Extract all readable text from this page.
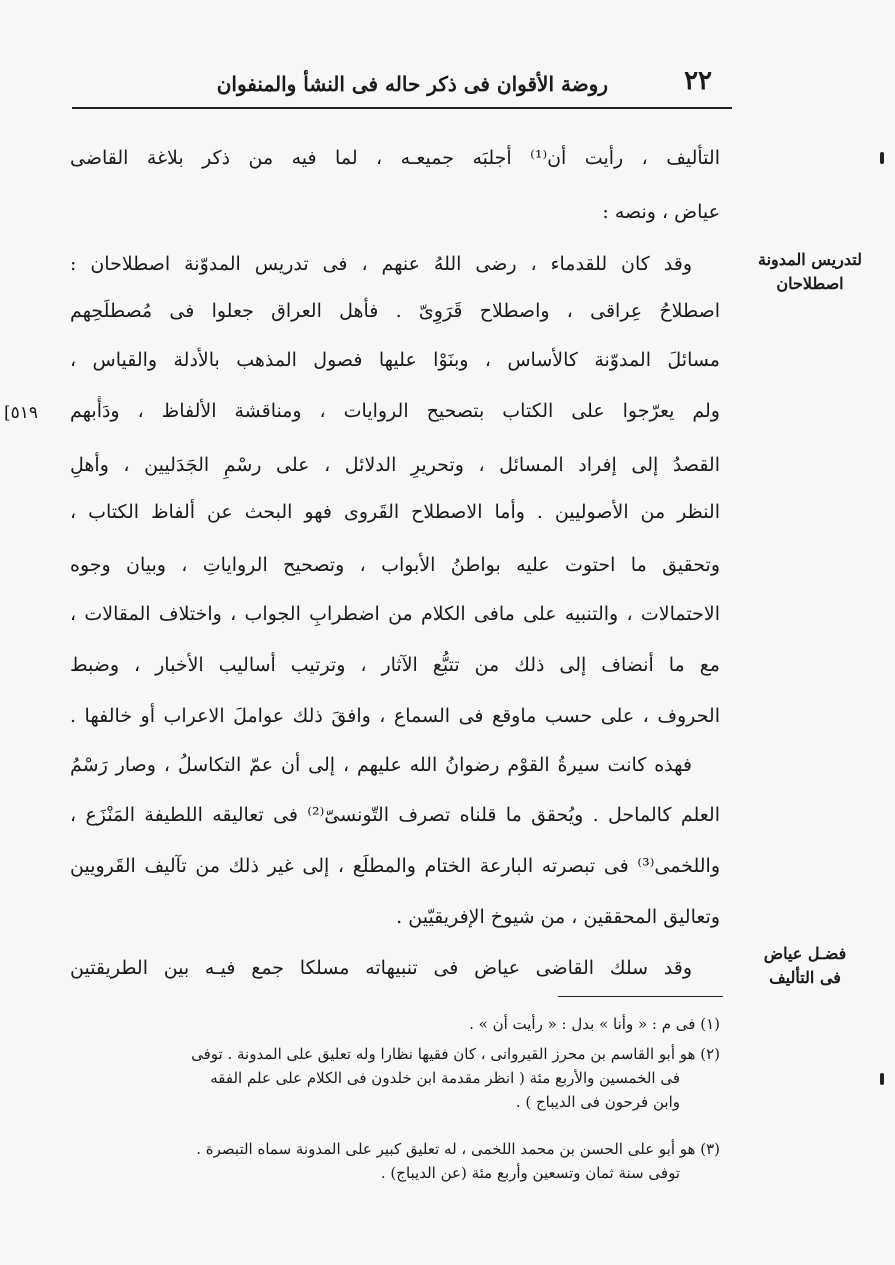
٢٢
روضة الأقوان فى ذكر حاله فى النشأ والمنفوان
التأليف ، رأيت أن⁽¹⁾ أجلبَه جميعـه ، لما فيه من ذكر بلاغة القاضى
عياض ، ونصه :
وقد كان للقدماء ، رضى اللهُ عنهم ، فى تدريس المدوّنة اصطلاحان :
اصطلاحُ عِراقى ، واصطلاح قَرَوِىّ . فأهل العراق جعلوا فى مُصطلَحِهم
مسائلَ المدوّنة كالأساس ، وبنَوْا عليها فصول المذهب بالأدلة والقياس ،
ولم يعرّجوا على الكتاب بتصحيح الروايات ، ومناقشة الألفاظ ، ودَأْبهم
القصدُ إلى إفراد المسائل ، وتحريرِ الدلائل ، على رسْمِ الجَدَليين ، وأهلِ
النظر من الأصوليين . وأما الاصطلاح القَروى فهو البحث عن ألفاظ الكتاب ،
وتحقيق ما احتوت عليه بواطنُ الأبواب ، وتصحيح الرواياتِ ، وبيان وجوه
الاحتمالات ، والتنبيه على مافى الكلام من اضطرابِ الجواب ، واختلاف المقالات ،
مع ما أنضاف إلى ذلك من تتبُّع الآثار ، وترتيب أساليب الأخبار ، وضبط
الحروف ، على حسب ماوقع فى السماع ، وافقَ ذلك عواملَ الاعراب أو خالفها .
فهذه كانت سيرةُ القوْم رضوانُ الله عليهم ، إلى أن عمّ التكاسلُ ، وصار رَسْمُ
العلم كالماحل . ويُحقق ما قلناه تصرف التّونسىّ⁽²⁾ فى تعاليقه اللطيفة المَنْزَع ،
واللخمى⁽³⁾ فى تبصرته البارعة الختام والمطلَع ، إلى غير ذلك من تآليف القَرويين
وتعاليق المحققين ، من شيوخ الإفريقيّين .
وقد سلك القاضى عياض فى تنبيهاته مسلكا جمع فيـه بين الطريقتين
لتدريس المدونة
اصطلاحان
فضـل عياض
فى التأليف
[٥١٩
(١) فى م : « وأنا » بدل : « رأيت أن » .
(٢) هو أبو القاسم بن محرز القيروانى ، كان فقيها نظارا وله تعليق على المدونة . توفى
فى الخمسين والأربع مئة ( انظر مقدمة ابن خلدون فى الكلام على علم الفقه
وابن فرحون فى الديباج ) .
(٣) هو أبو على الحسن بن محمد اللخمى ، له تعليق كبير على المدونة سماه التبصرة .
توفى سنة ثمان وتسعين وأربع مئة (عن الديباج) .
